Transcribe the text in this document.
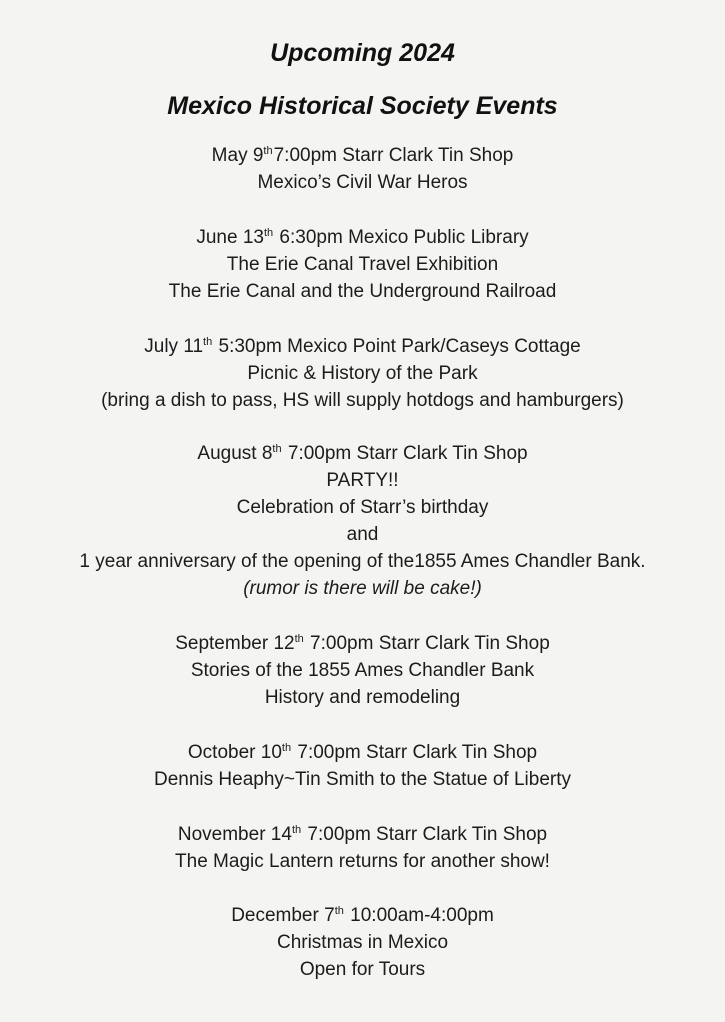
Upcoming 2024
Mexico Historical Society Events
May 9th7:00pm Starr Clark Tin Shop
Mexico’s Civil War Heros
June 13th 6:30pm Mexico Public Library
The Erie Canal Travel Exhibition
The Erie Canal and the Underground Railroad
July 11th 5:30pm Mexico Point Park/Caseys Cottage
Picnic & History of the Park
(bring a dish to pass, HS will supply hotdogs and hamburgers)
August 8th 7:00pm Starr Clark Tin Shop
PARTY!!
Celebration of Starr’s birthday
and
1 year anniversary of the opening of the1855 Ames Chandler Bank.
(rumor is there will be cake!)
September 12th 7:00pm Starr Clark Tin Shop
Stories of the 1855 Ames Chandler Bank
History and remodeling
October 10th 7:00pm Starr Clark Tin Shop
Dennis Heaphy~Tin Smith to the Statue of Liberty
November 14th 7:00pm Starr Clark Tin Shop
The Magic Lantern returns for another show!
December 7th 10:00am-4:00pm
Christmas in Mexico
Open for Tours
